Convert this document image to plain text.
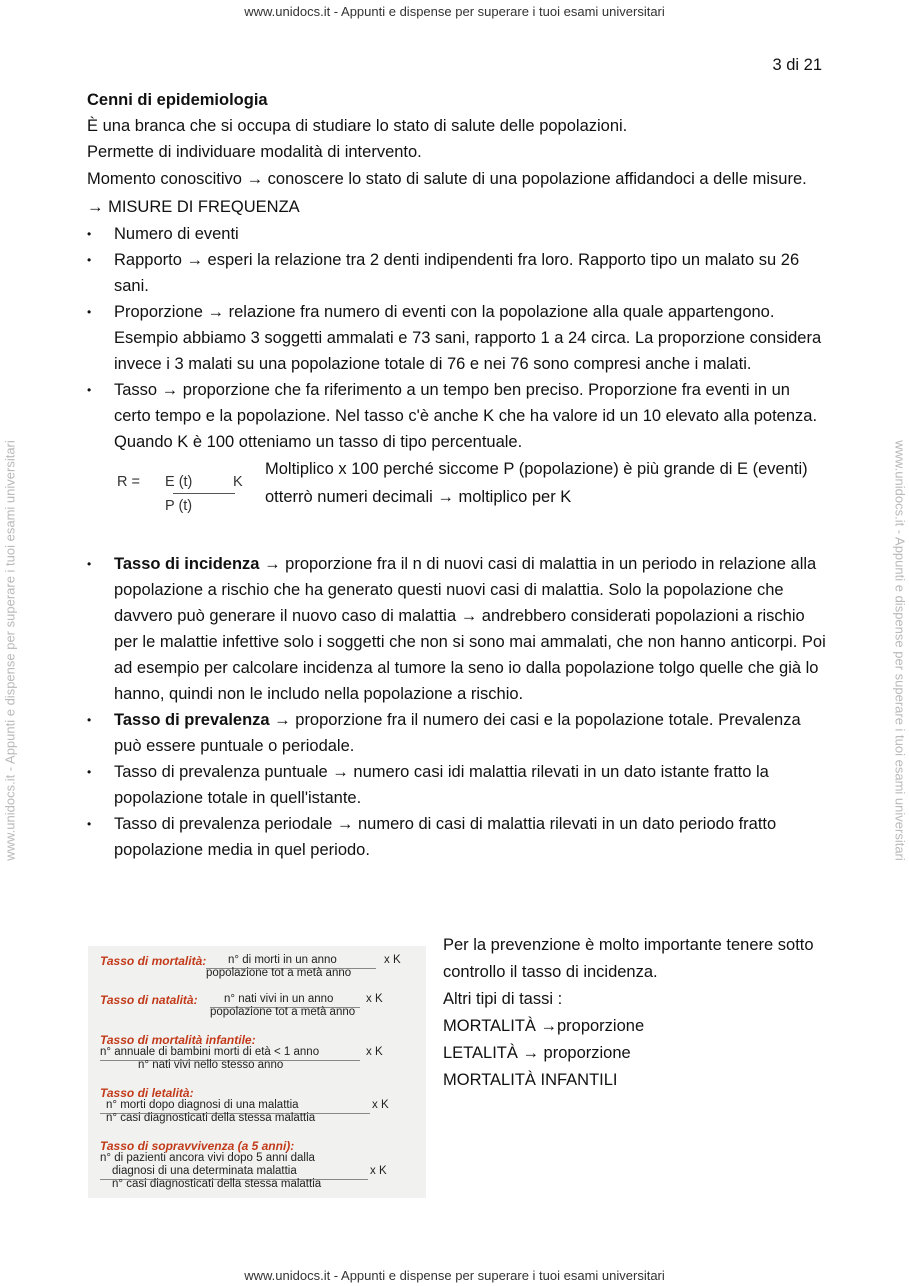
www.unidocs.it - Appunti e dispense per superare i tuoi esami universitari
www.unidocs.it - Appunti e dispense per superare i tuoi esami universitari
www.unidocs.it - Appunti e dispense per superare i tuoi esami universitari	www.unidocs.it - Appunti e dispense per superare i tuoi esami universitari
3 di 21

Cenni di epidemiologia

È una branca che si occupa di studiare lo stato di salute delle popolazioni.

Permette di individuare modalità di intervento.

Momento conoscitivo → conoscere lo stato di salute di una popolazione affidandoci a delle misure. → MISURE DI FREQUENZA

• Numero di eventi
• Rapporto → esperi la relazione tra 2 denti indipendenti fra loro. Rapporto tipo un malato su 26 sani.
• Proporzione → relazione fra numero di eventi con la popolazione alla quale appartengono. Esempio abbiamo 3 soggetti ammalati e 73 sani, rapporto 1 a 24 circa. La proporzione considera invece i 3 malati su una popolazione totale di 76 e nei 76 sono compresi anche i malati.
• Tasso → proporzione che fa riferimento a un tempo ben preciso. Proporzione fra eventi in un certo tempo e la popolazione. Nel tasso c'è anche K che ha valore id un 10 elevato alla potenza. Quando K è 100 otteniamo un tasso di tipo percentuale.
R = E (t)	K
P (t)
Moltiplico x 100 perché siccome P (popolazione) è più grande di E (eventi) otterrò numeri decimali → moltiplico per K
• Tasso di incidenza → proporzione fra il n di nuovi casi di malattia in un periodo in relazione alla popolazione a rischio che ha generato questi nuovi casi di malattia. Solo la popolazione che davvero può generare il nuovo caso di malattia → andrebbero considerati popolazioni a rischio per le malattie infettive solo i soggetti che non si sono mai ammalati, che non hanno anticorpi. Poi ad esempio per calcolare incidenza al tumore la seno io dalla popolazione tolgo quelle che già lo hanno, quindi non le includo nella popolazione a rischio.
• Tasso di prevalenza → proporzione fra il numero dei casi e la popolazione totale. Prevalenza può essere puntuale o periodale.
• Tasso di prevalenza puntuale → numero casi idi malattia rilevati in un dato istante fratto la popolazione totale in quell'istante.
• Tasso di prevalenza periodale → numero di casi di malattia rilevati in un dato periodo fratto popolazione media in quel periodo.
Tasso di mortalità: n° di morti in un anno
popolazione tot a metà anno
x K
Tasso di natalità: n° nati vivi in un anno
popolazione tot a metà anno
x K
Tasso di mortalità infantile:
n° annuale di bambini morti di età < 1 anno
n° nati vivi nello stesso anno
x K
Tasso di letalità:
n° morti dopo diagnosi di una malattia
n° casi diagnosticati della stessa malattia
x K
Tasso di sopravvivenza (a 5 anni):
n° di pazienti ancora vivi dopo 5 anni dalla
diagnosi di una determinata malattia
n° casi diagnosticati della stessa malattia
x K

Per la prevenzione è molto importante tenere sotto controllo il tasso di incidenza.

Altri tipi di tassi :

MORTALITÀ →proporzione

LETALITÀ → proporzione

MORTALITÀ INFANTILI
